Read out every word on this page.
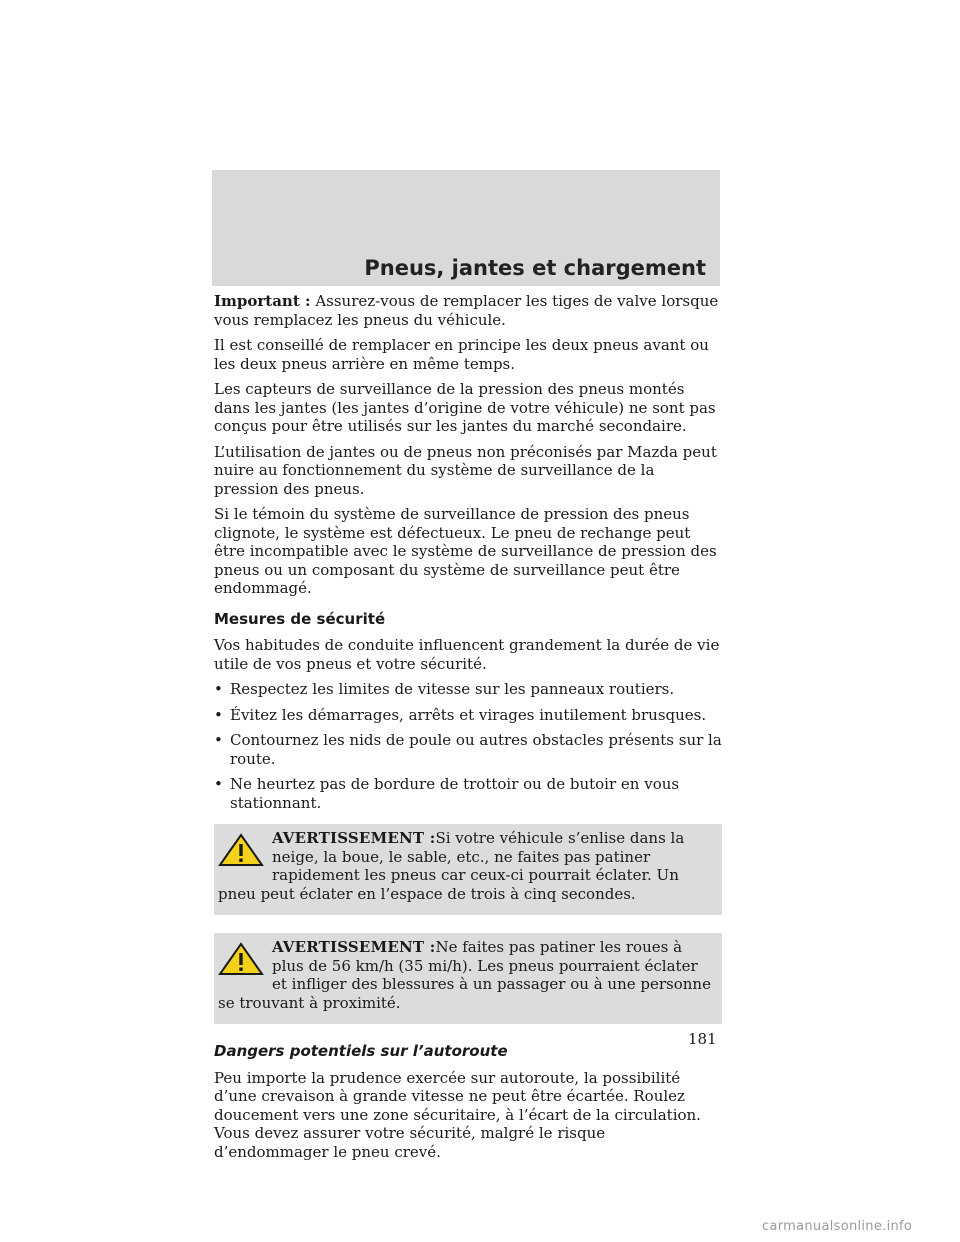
Pneus, jantes et chargement

Important : Assurez-vous de remplacer les tiges de valve lorsque vous remplacez les pneus du véhicule.

Il est conseillé de remplacer en principe les deux pneus avant ou les deux pneus arrière en même temps.

Les capteurs de surveillance de la pression des pneus montés dans les jantes (les jantes d’origine de votre véhicule) ne sont pas conçus pour être utilisés sur les jantes du marché secondaire.

L’utilisation de jantes ou de pneus non préconisés par Mazda peut nuire au fonctionnement du système de surveillance de la pression des pneus.

Si le témoin du système de surveillance de pression des pneus clignote, le système est défectueux. Le pneu de rechange peut être incompatible avec le système de surveillance de pression des pneus ou un composant du système de surveillance peut être endommagé.

Mesures de sécurité

Vos habitudes de conduite influencent grandement la durée de vie utile de vos pneus et votre sécurité.

• Respectez les limites de vitesse sur les panneaux routiers.
• Évitez les démarrages, arrêts et virages inutilement brusques.
• Contournez les nids de poule ou autres obstacles présents sur la route.
• Ne heurtez pas de bordure de trottoir ou de butoir en vous stationnant.
AVERTISSEMENT :Si votre véhicule s’enlise dans la neige, la boue, le sable, etc., ne faites pas patiner rapidement les pneus car ceux-ci pourrait éclater. Un pneu peut éclater en l’espace de trois à cinq secondes.
AVERTISSEMENT :Ne faites pas patiner les roues à plus de 56 km/h (35 mi/h). Les pneus pourraient éclater et infliger des blessures à un passager ou à une personne se trouvant à proximité.
Dangers potentiels sur l’autoroute

Peu importe la prudence exercée sur autoroute, la possibilité d’une crevaison à grande vitesse ne peut être écartée. Roulez doucement vers une zone sécuritaire, à l’écart de la circulation. Vous devez assurer votre sécurité, malgré le risque d’endommager le pneu crevé.

181
carmanualsonline.info
